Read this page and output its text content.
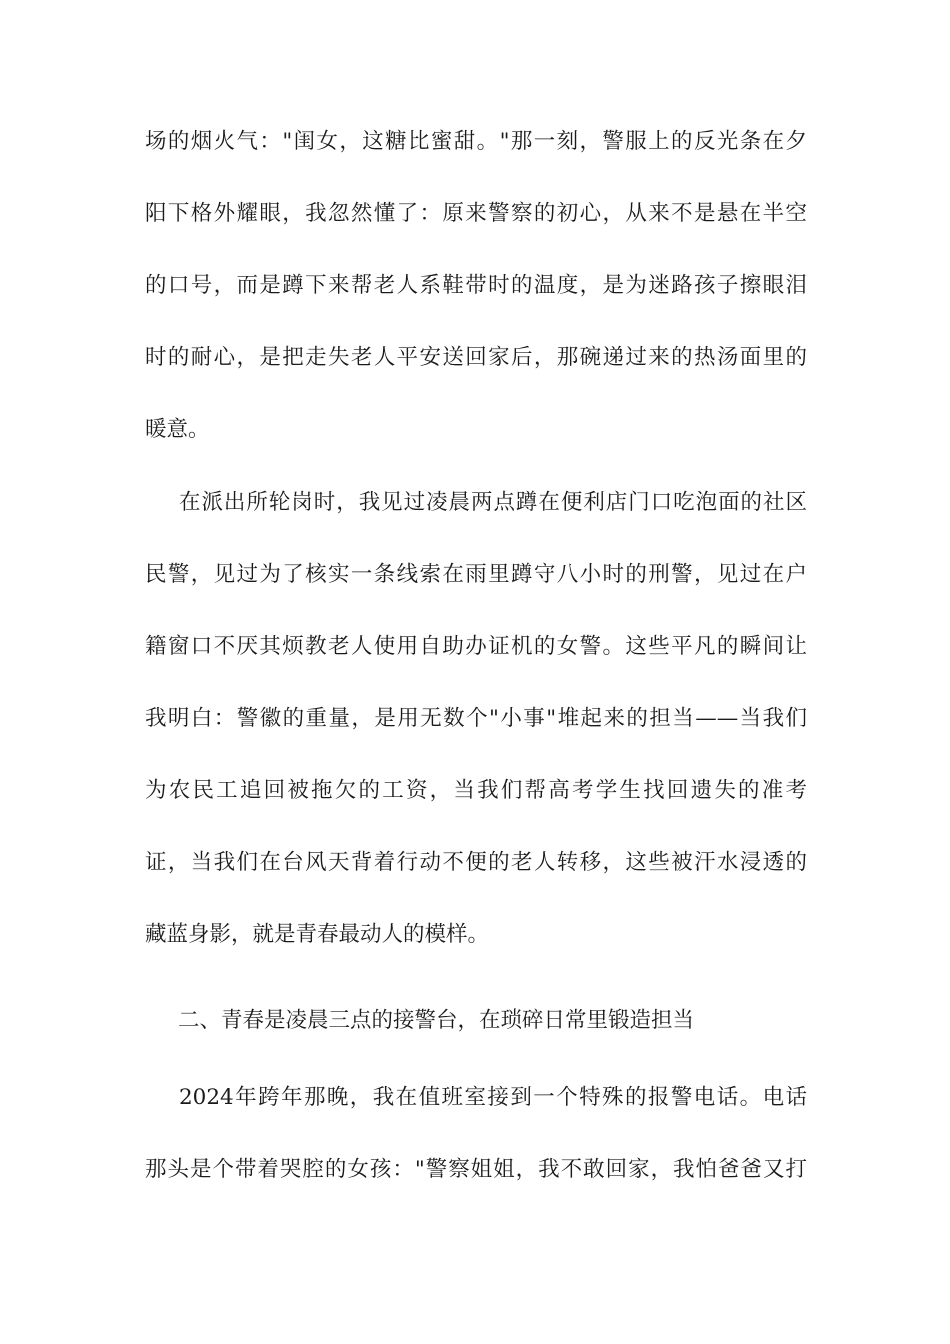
场的烟火气："闺女，这糖比蜜甜。"那一刻，警服上的反光条在夕
阳下格外耀眼，我忽然懂了：原来警察的初心，从来不是悬在半空
的口号，而是蹲下来帮老人系鞋带时的温度，是为迷路孩子擦眼泪
时的耐心，是把走失老人平安送回家后，那碗递过来的热汤面里的
暖意。
在派出所轮岗时，我见过凌晨两点蹲在便利店门口吃泡面的社区
民警，见过为了核实一条线索在雨里蹲守八小时的刑警，见过在户
籍窗口不厌其烦教老人使用自助办证机的女警。这些平凡的瞬间让
我明白：警徽的重量，是用无数个"小事"堆起来的担当——当我们
为农民工追回被拖欠的工资，当我们帮高考学生找回遗失的准考
证，当我们在台风天背着行动不便的老人转移，这些被汗水浸透的
藏蓝身影，就是青春最动人的模样。
二、青春是凌晨三点的接警台，在琐碎日常里锻造担当
2024年跨年那晚，我在值班室接到一个特殊的报警电话。电话
那头是个带着哭腔的女孩："警察姐姐，我不敢回家，我怕爸爸又打
